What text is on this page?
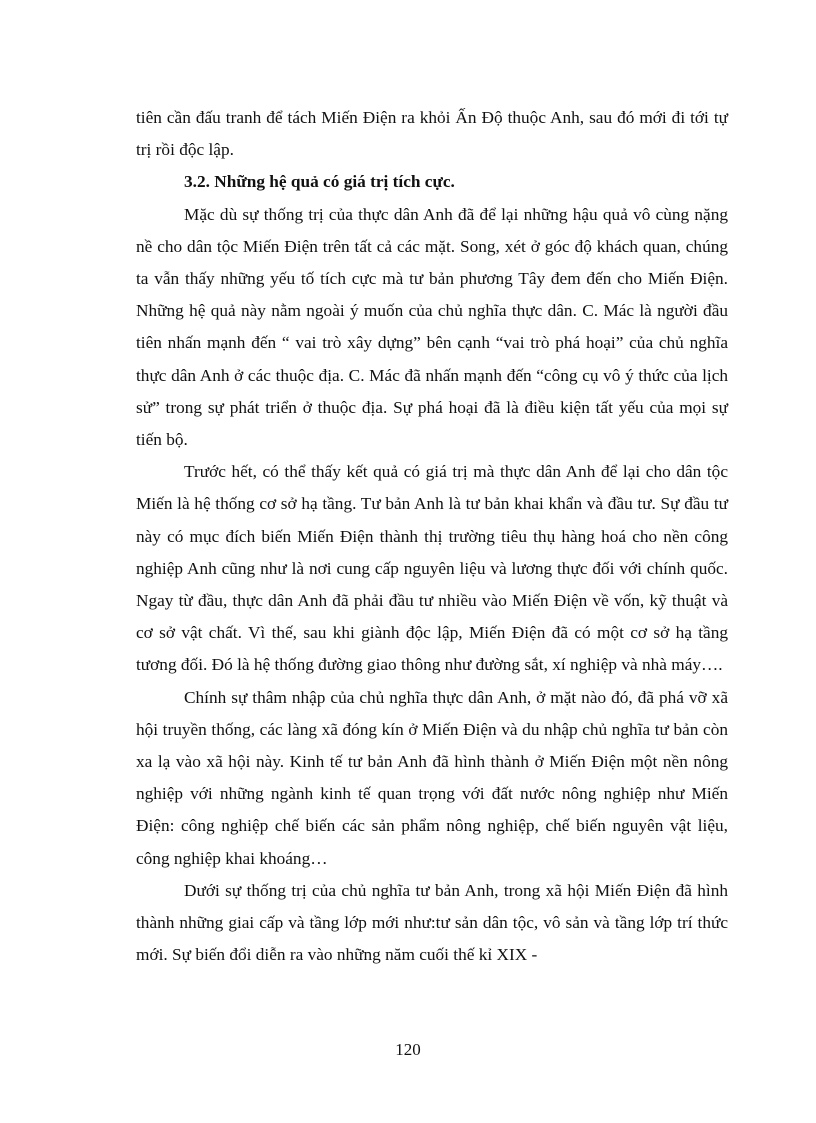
tiên cần đấu tranh để tách Miến Điện ra khỏi Ấn Độ thuộc Anh, sau đó mới đi tới tự trị rồi độc lập.

3.2. Những hệ quả có giá trị tích cực.

Mặc dù sự thống trị của thực dân Anh đã để lại những hậu quả vô cùng nặng nề cho dân tộc Miến Điện trên tất cả các mặt. Song, xét ở góc độ khách quan, chúng ta vẫn thấy những yếu tố tích cực mà tư bản phương Tây đem đến cho Miến Điện. Những hệ quả này nằm ngoài ý muốn của chủ nghĩa thực dân. C. Mác là người đầu tiên nhấn mạnh đến “ vai trò xây dựng” bên cạnh “vai trò phá hoại” của chủ nghĩa thực dân Anh ở các thuộc địa. C. Mác đã nhấn mạnh đến “công cụ vô ý thức của lịch sử” trong sự phát triển ở thuộc địa. Sự phá hoại đã là điều kiện tất yếu của mọi sự tiến bộ.

Trước hết, có thể thấy kết quả có giá trị mà thực dân Anh để lại cho dân tộc Miến là hệ thống cơ sở hạ tầng. Tư bản Anh là tư bản khai khẩn và đầu tư. Sự đầu tư này có mục đích biến Miến Điện thành thị trường tiêu thụ hàng hoá cho nền công nghiệp Anh cũng như là nơi cung cấp nguyên liệu và lương thực đối với chính quốc. Ngay từ đầu, thực dân Anh đã phải đầu tư nhiều vào Miến Điện về vốn, kỹ thuật và cơ sở vật chất. Vì thế, sau khi giành độc lập, Miến Điện đã có một cơ sở hạ tầng tương đối. Đó là hệ thống đường giao thông như đường sắt, xí nghiệp và nhà máy….

Chính sự thâm nhập của chủ nghĩa thực dân Anh, ở mặt nào đó, đã phá vỡ xã hội truyền thống, các làng xã đóng kín ở Miến Điện và du nhập chủ nghĩa tư bản còn xa lạ vào xã hội này. Kinh tế tư bản Anh đã hình thành ở Miến Điện một nền nông nghiệp với những ngành kinh tế quan trọng với đất nước nông nghiệp như Miến Điện: công nghiệp chế biến các sản phẩm nông nghiệp, chế biến nguyên vật liệu, công nghiệp khai khoáng…

Dưới sự thống trị của chủ nghĩa tư bản Anh, trong xã hội Miến Điện đã hình thành những giai cấp và tầng lớp mới như:tư sản dân tộc, vô sản và tầng lớp trí thức mới. Sự biến đổi diễn ra vào những năm cuối thế kỉ XIX -

120
